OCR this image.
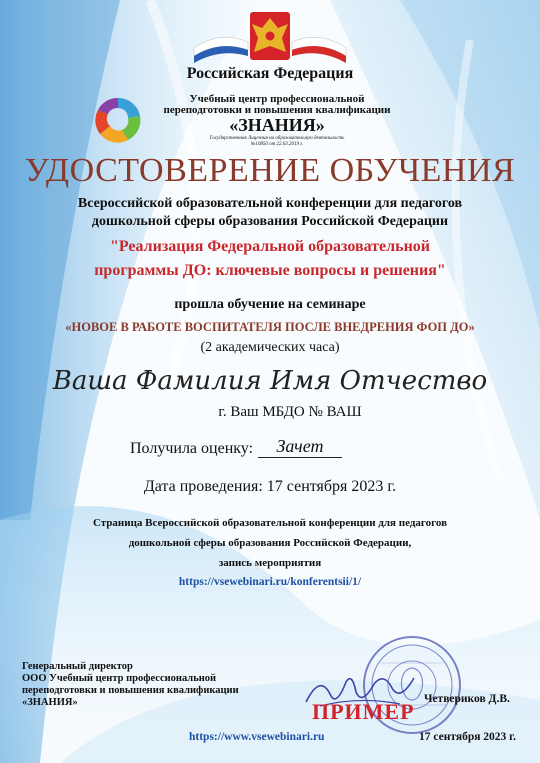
Российская Федерация
Учебный центр профессиональной
переподготовки и повышения квалификации
«ЗНАНИЯ»
Государственная Лицензия на образовательную деятельность
№10850 от 22.03.2019 г.
УДОСТОВЕРЕНИЕ ОБУЧЕНИЯ
Всероссийской образовательной конференции для педагогов
дошкольной сферы образования Российской Федерации
"Реализация Федеральной образовательной
программы ДО: ключевые вопросы и решения"
прошла обучение на семинаре
«НОВОЕ В РАБОТЕ ВОСПИТАТЕЛЯ ПОСЛЕ ВНЕДРЕНИЯ ФОП ДО»
(2 академических часа)
Ваша Фамилия Имя Отчество
г. Ваш МБДО № ВАШ
Получила оценку:	Зачет
Дата проведения: 17 сентября 2023 г.
Страница Всероссийской образовательной конференции для педагогов
дошкольной сферы образования Российской Федерации,
запись мероприятия
https://vsewebinari.ru/konferentsii/1/
Генеральный директор
ООО Учебный центр профессиональной
переподготовки и повышения квалификации
«ЗНАНИЯ»	ПРИМЕР Четвериков Д.В.
https://www.vsewebinari.ru	17 сентября 2023 г.
